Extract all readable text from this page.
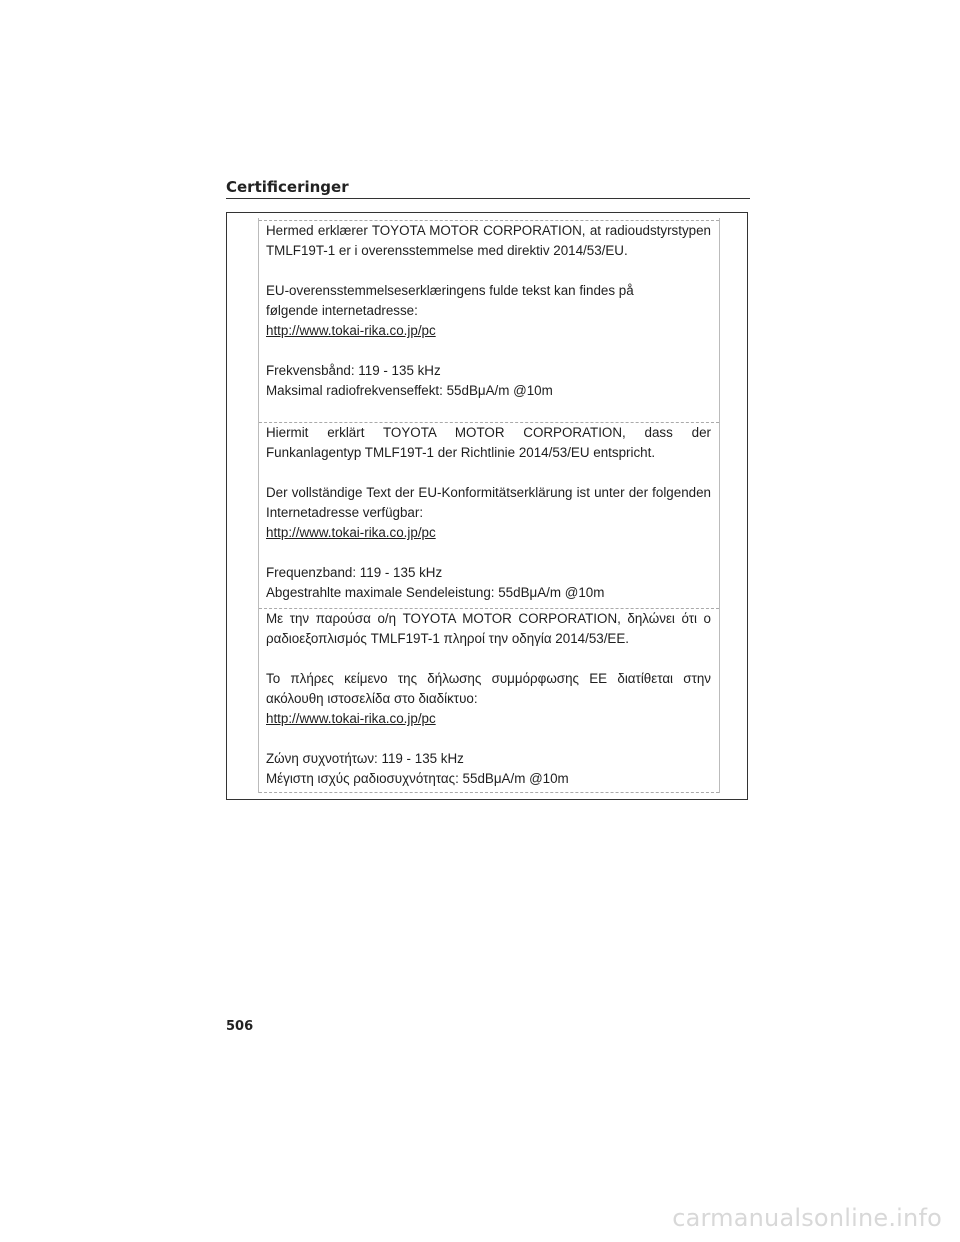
Certificeringer

Hermed erklærer TOYOTA MOTOR CORPORATION, at radioudstyrstypen TMLF19T-1 er i overensstemmelse med direktiv 2014/53/EU.

EU-overensstemmelseserklæringens fulde tekst kan findes på følgende internetadresse:

http://www.tokai-rika.co.jp/pc

Frekvensbånd: 119 - 135 kHz

Maksimal radiofrekvenseffekt: 55dBμA/m @10m

Hiermit erklärt TOYOTA MOTOR CORPORATION, dass der Funkanlagentyp TMLF19T-1 der Richtlinie 2014/53/EU entspricht.

Der vollständige Text der EU-Konformitätserklärung ist unter der folgenden Internetadresse verfügbar:

http://www.tokai-rika.co.jp/pc

Frequenzband: 119 - 135 kHz

Abgestrahlte maximale Sendeleistung: 55dBμA/m @10m

Με την παρούσα ο/η TOYOTA MOTOR CORPORATION, δηλώνει ότι ο ραδιοεξοπλισμός TMLF19T-1 πληροί την οδηγία 2014/53/ΕΕ.

Το πλήρες κείμενο της δήλωσης συμμόρφωσης ΕΕ διατίθεται στην ακόλουθη ιστοσελίδα στο διαδίκτυο:

http://www.tokai-rika.co.jp/pc

Ζώνη συχνοτήτων: 119 - 135 kHz

Μέγιστη ισχύς ραδιοσυχνότητας: 55dBμA/m @10m

506

carmanualsonline.info
